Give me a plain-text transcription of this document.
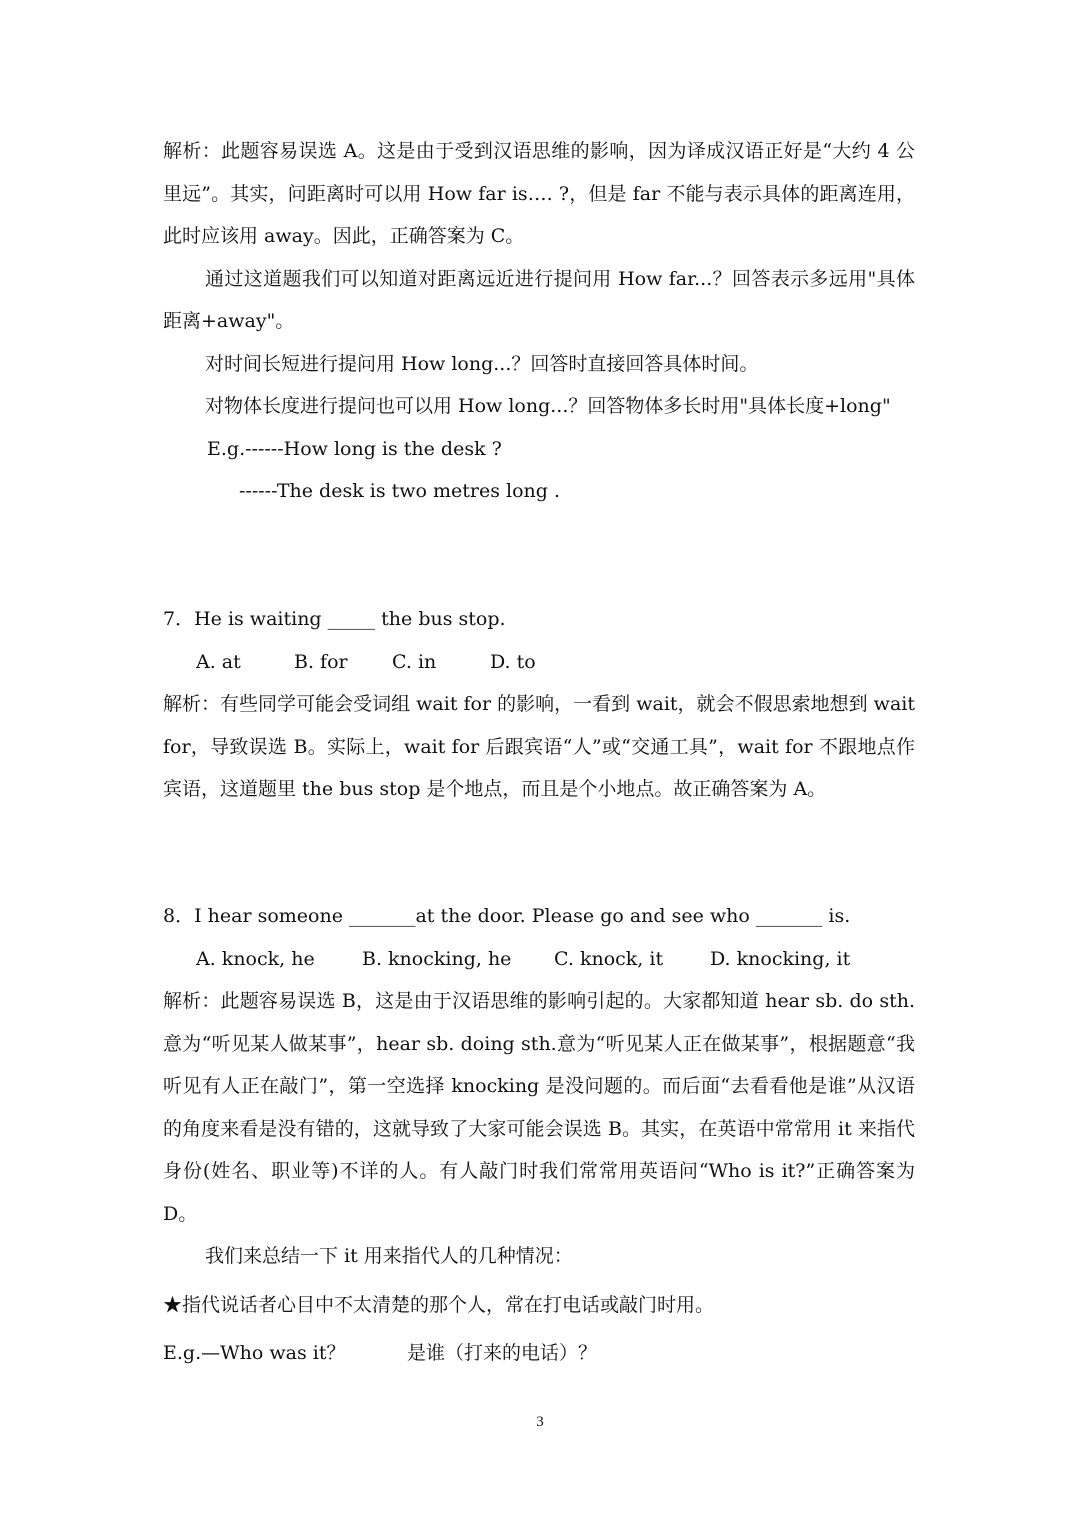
解析：此题容易误选 A。这是由于受到汉语思维的影响，因为译成汉语正好是“大约 4 公里远”。其实，问距离时可以用 How far is…. ?，但是 far 不能与表示具体的距离连用，此时应该用 away。因此，正确答案为 C。

通过这道题我们可以知道对距离远近进行提问用 How far...？回答表示多远用"具体距离+away"。

对时间长短进行提问用 How long...？回答时直接回答具体时间。

对物体长度进行提问也可以用 How long...？回答物体多长时用"具体长度+long"

E.g.------How long is the desk ?

------The desk is two metres long .

7．He is waiting _____ the bus stop.

A. at	B. for	C. in	D. to

解析：有些同学可能会受词组 wait for 的影响，一看到 wait，就会不假思索地想到 wait for，导致误选 B。实际上，wait for 后跟宾语“人”或“交通工具”，wait for 不跟地点作宾语，这道题里 the bus stop 是个地点，而且是个小地点。故正确答案为 A。

8．I hear someone _______at the door. Please go and see who _______ is.

A. knock, he	B. knocking, he	C. knock, it	D. knocking, it

解析：此题容易误选 B，这是由于汉语思维的影响引起的。大家都知道 hear sb. do sth.意为“听见某人做某事”，hear sb. doing sth.意为“听见某人正在做某事”，根据题意“我听见有人正在敲门”，第一空选择 knocking 是没问题的。而后面“去看看他是谁”从汉语的角度来看是没有错的，这就导致了大家可能会误选 B。其实，在英语中常常用 it 来指代身份(姓名、职业等)不详的人。有人敲门时我们常常用英语问“Who is it?”正确答案为 D。

我们来总结一下 it 用来指代人的几种情况：

★指代说话者心目中不太清楚的那个人，常在打电话或敲门时用。

E.g.—Who was it？	是谁（打来的电话）？

3
